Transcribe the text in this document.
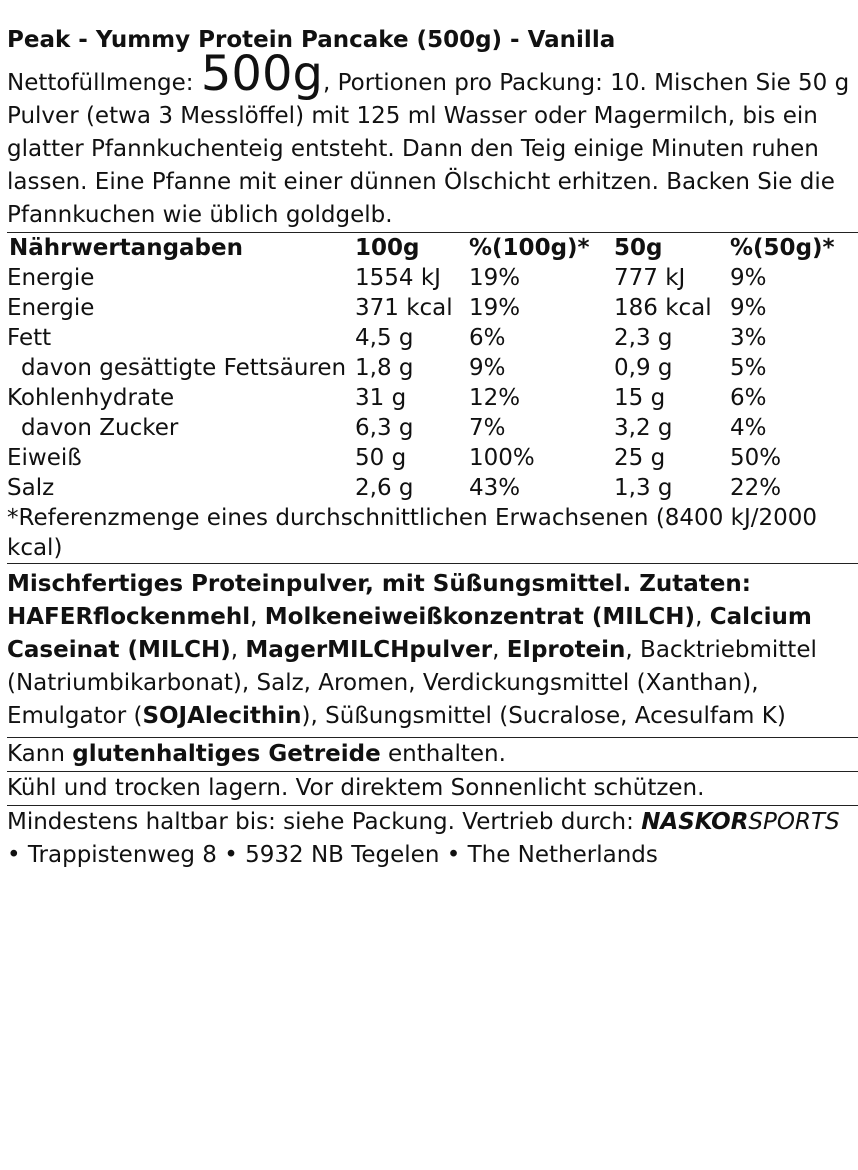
Peak - Yummy Protein Pancake (500g) - Vanilla
Nettofüllmenge: 500g, Portionen pro Packung: 10. Mischen Sie 50 g Pulver (etwa 3 Messlöffel) mit 125 ml Wasser oder Magermilch, bis ein glatter Pfannkuchenteig entsteht. Dann den Teig einige Minuten ruhen lassen. Eine Pfanne mit einer dünnen Ölschicht erhitzen. Backen Sie die Pfannkuchen wie üblich goldgelb.
Nährwertangaben	100g	%(100g)*	50g	%(50g)*
Energie	1554 kJ	19%	777 kJ	9%
Energie	371 kcal	19%	186 kcal	9%
Fett	4,5 g	6%	2,3 g	3%
davon gesättigte Fettsäuren	1,8 g	9%	0,9 g	5%
Kohlenhydrate	31 g	12%	15 g	6%
davon Zucker	6,3 g	7%	3,2 g	4%
Eiweiß	50 g	100%	25 g	50%
Salz	2,6 g	43%	1,3 g	22%
*Referenzmenge eines durchschnittlichen Erwachsenen (8400 kJ/2000 kcal)
Mischfertiges Proteinpulver, mit Süßungsmittel. Zutaten: HAFERflockenmehl, Molkeneiweißkonzentrat (MILCH), Calcium Caseinat (MILCH), MagerMILCHpulver, EIprotein, Backtriebmittel (Natriumbikarbonat), Salz, Aromen, Verdickungsmittel (Xanthan), Emulgator (SOJAlecithin), Süßungsmittel (Sucralose, Acesulfam K)
Kann glutenhaltiges Getreide enthalten.
Kühl und trocken lagern. Vor direktem Sonnenlicht schützen.
Mindestens haltbar bis: siehe Packung. Vertrieb durch: NASKORSPORTS • Trappistenweg 8 • 5932 NB Tegelen • The Netherlands
